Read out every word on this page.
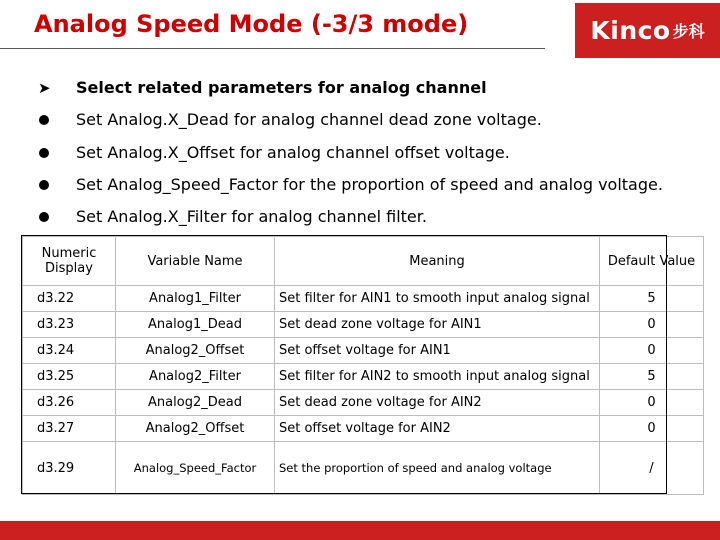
Analog Speed Mode (-3/3 mode)	Kinco 步科
➤	Select related parameters for analog channel
Set Analog.X_Dead for analog channel dead zone voltage.
Set Analog.X_Offset for analog channel offset voltage.
Set Analog_Speed_Factor for the proportion of speed and analog voltage.
Set Analog.X_Filter for analog channel filter.
Numeric Display	Variable Name	Meaning	Default Value
d3.22	Analog1_Filter	Set filter for AIN1 to smooth input analog signal	5
d3.23	Analog1_Dead	Set dead zone voltage for AIN1	0
d3.24	Analog2_Offset	Set offset voltage for AIN1	0
d3.25	Analog2_Filter	Set filter for AIN2 to smooth input analog signal	5
d3.26	Analog2_Dead	Set dead zone voltage for AIN2	0
d3.27	Analog2_Offset	Set offset voltage for AIN2	0
d3.29	Analog_Speed_Factor	Set the proportion of speed and analog voltage	/
